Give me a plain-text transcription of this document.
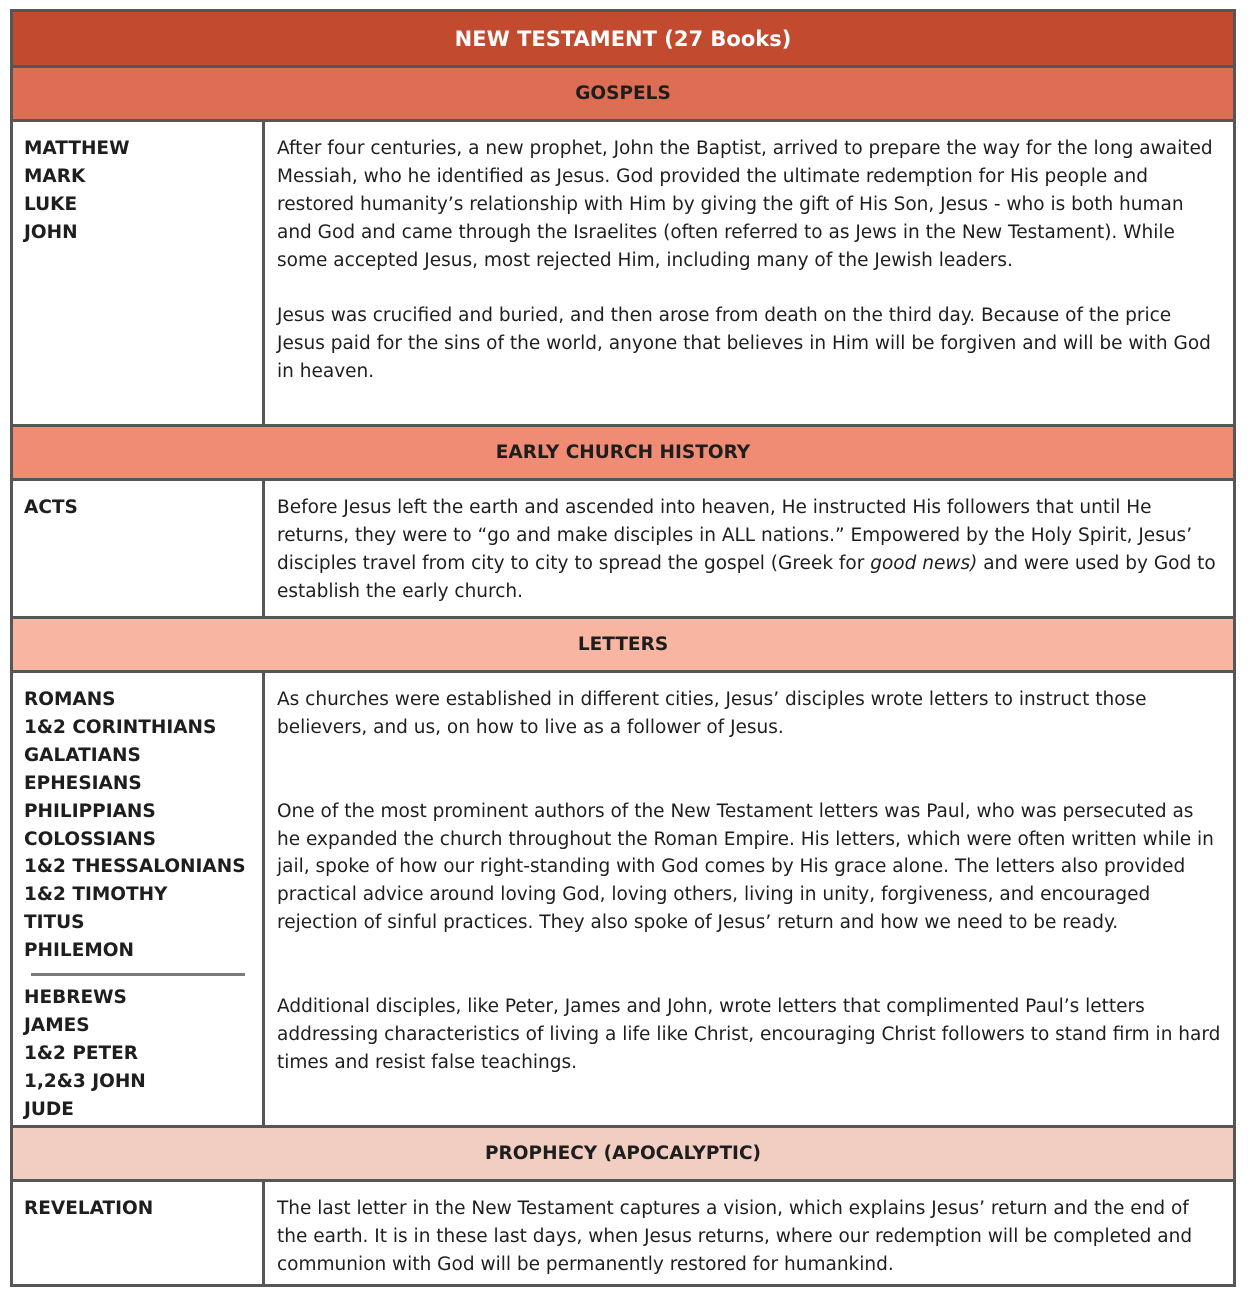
NEW TESTAMENT (27 Books)
GOSPELS
MATTHEW
MARK
LUKE
JOHN

After four centuries, a new prophet, John the Baptist, arrived to prepare the way for the long awaited Messiah, who he identified as Jesus. God provided the ultimate redemption for His people and restored humanity’s relationship with Him by giving the gift of His Son, Jesus - who is both human and God and came through the Israelites (often referred to as Jews in the New Testament). While some accepted Jesus, most rejected Him, including many of the Jewish leaders.

Jesus was crucified and buried, and then arose from death on the third day. Because of the price Jesus paid for the sins of the world, anyone that believes in Him will be forgiven and will be with God in heaven.

EARLY CHURCH HISTORY
ACTS	Before Jesus left the earth and ascended into heaven, He instructed His followers that until He returns, they were to “go and make disciples in ALL nations.” Empowered by the Holy Spirit, Jesus’ disciples travel from city to city to spread the gospel (Greek for good news) and were used by God to establish the early church.

LETTERS
ROMANS
1&2 CORINTHIANS
GALATIANS
EPHESIANS
PHILIPPIANS
COLOSSIANS
1&2 THESSALONIANS
1&2 TIMOTHY
TITUS
PHILEMON
HEBREWS
JAMES
1&2 PETER
1,2&3 JOHN
JUDE

As churches were established in different cities, Jesus’ disciples wrote letters to instruct those believers, and us, on how to live as a follower of Jesus.

One of the most prominent authors of the New Testament letters was Paul, who was persecuted as he expanded the church throughout the Roman Empire. His letters, which were often written while in jail, spoke of how our right-standing with God comes by His grace alone. The letters also provided practical advice around loving God, loving others, living in unity, forgiveness, and encouraged rejection of sinful practices. They also spoke of Jesus’ return and how we need to be ready.

Additional disciples, like Peter, James and John, wrote letters that complimented Paul’s letters addressing characteristics of living a life like Christ, encouraging Christ followers to stand firm in hard times and resist false teachings.

PROPHECY (APOCALYPTIC)
REVELATION	The last letter in the New Testament captures a vision, which explains Jesus’ return and the end of the earth. It is in these last days, when Jesus returns, where our redemption will be completed and communion with God will be permanently restored for humankind.
